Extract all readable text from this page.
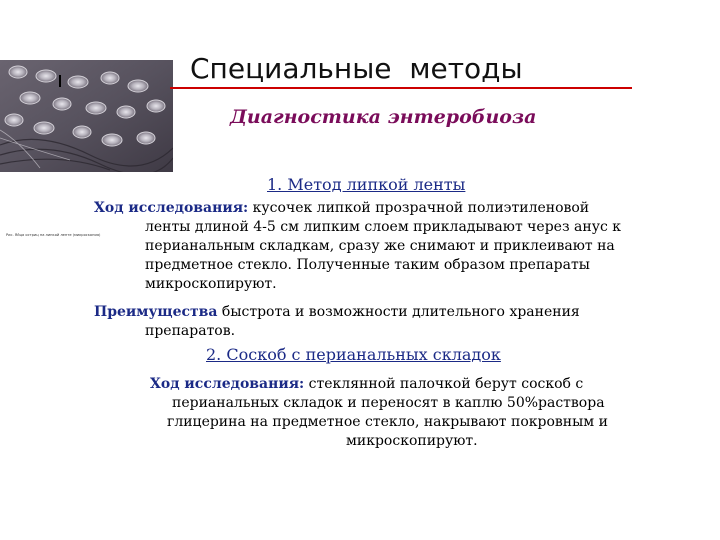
Рис. Яйца остриц на липкой ленте (микроскопия)
Специальные  методы
Диагностика энтеробиоза
1. Метод липкой ленты
Ход исследования: кусочек липкой прозрачной полиэтиленовой
ленты длиной 4-5 см липким слоем прикладывают через анус к
перианальным складкам, сразу же снимают и приклеивают на
предметное стекло. Полученные таким образом препараты
микроскопируют.
Преимущества быстрота и возможности длительного хранения
препаратов.
2. Соскоб с перианальных складок
Ход исследования: стеклянной палочкой берут соскоб с
перианальных складок и переносят в каплю 50%раствора
глицерина на предметное стекло, накрывают покровным и
микроскопируют.
